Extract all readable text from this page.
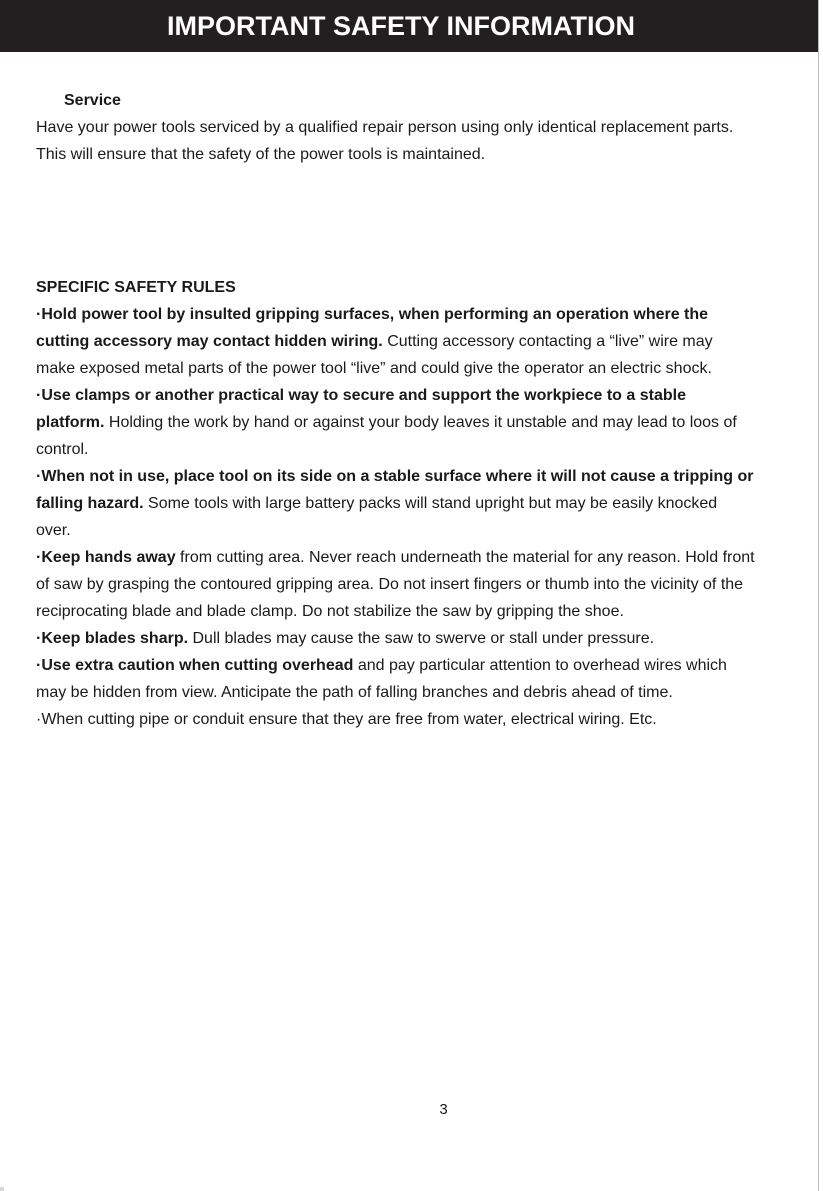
IMPORTANT SAFETY INFORMATION

Service

Have your power tools serviced by a qualified repair person using only identical replacement parts. This will ensure that the safety of the power tools is maintained.

SPECIFIC SAFETY RULES

·Hold power tool by insulted gripping surfaces, when performing an operation where the cutting accessory may contact hidden wiring. Cutting accessory contacting a “live” wire may make exposed metal parts of the power tool “live” and could give the operator an electric shock.

·Use clamps or another practical way to secure and support the workpiece to a stable platform. Holding the work by hand or against your body leaves it unstable and may lead to loos of control.

·When not in use, place tool on its side on a stable surface where it will not cause a tripping or falling hazard. Some tools with large battery packs will stand upright but may be easily knocked over.

·Keep hands away from cutting area. Never reach underneath the material for any reason. Hold front of saw by grasping the contoured gripping area. Do not insert fingers or thumb into the vicinity of the reciprocating blade and blade clamp. Do not stabilize the saw by gripping the shoe.

·Keep blades sharp. Dull blades may cause the saw to swerve or stall under pressure.

·Use extra caution when cutting overhead and pay particular attention to overhead wires which may be hidden from view. Anticipate the path of falling branches and debris ahead of time.

·When cutting pipe or conduit ensure that they are free from water, electrical wiring. Etc.

3
